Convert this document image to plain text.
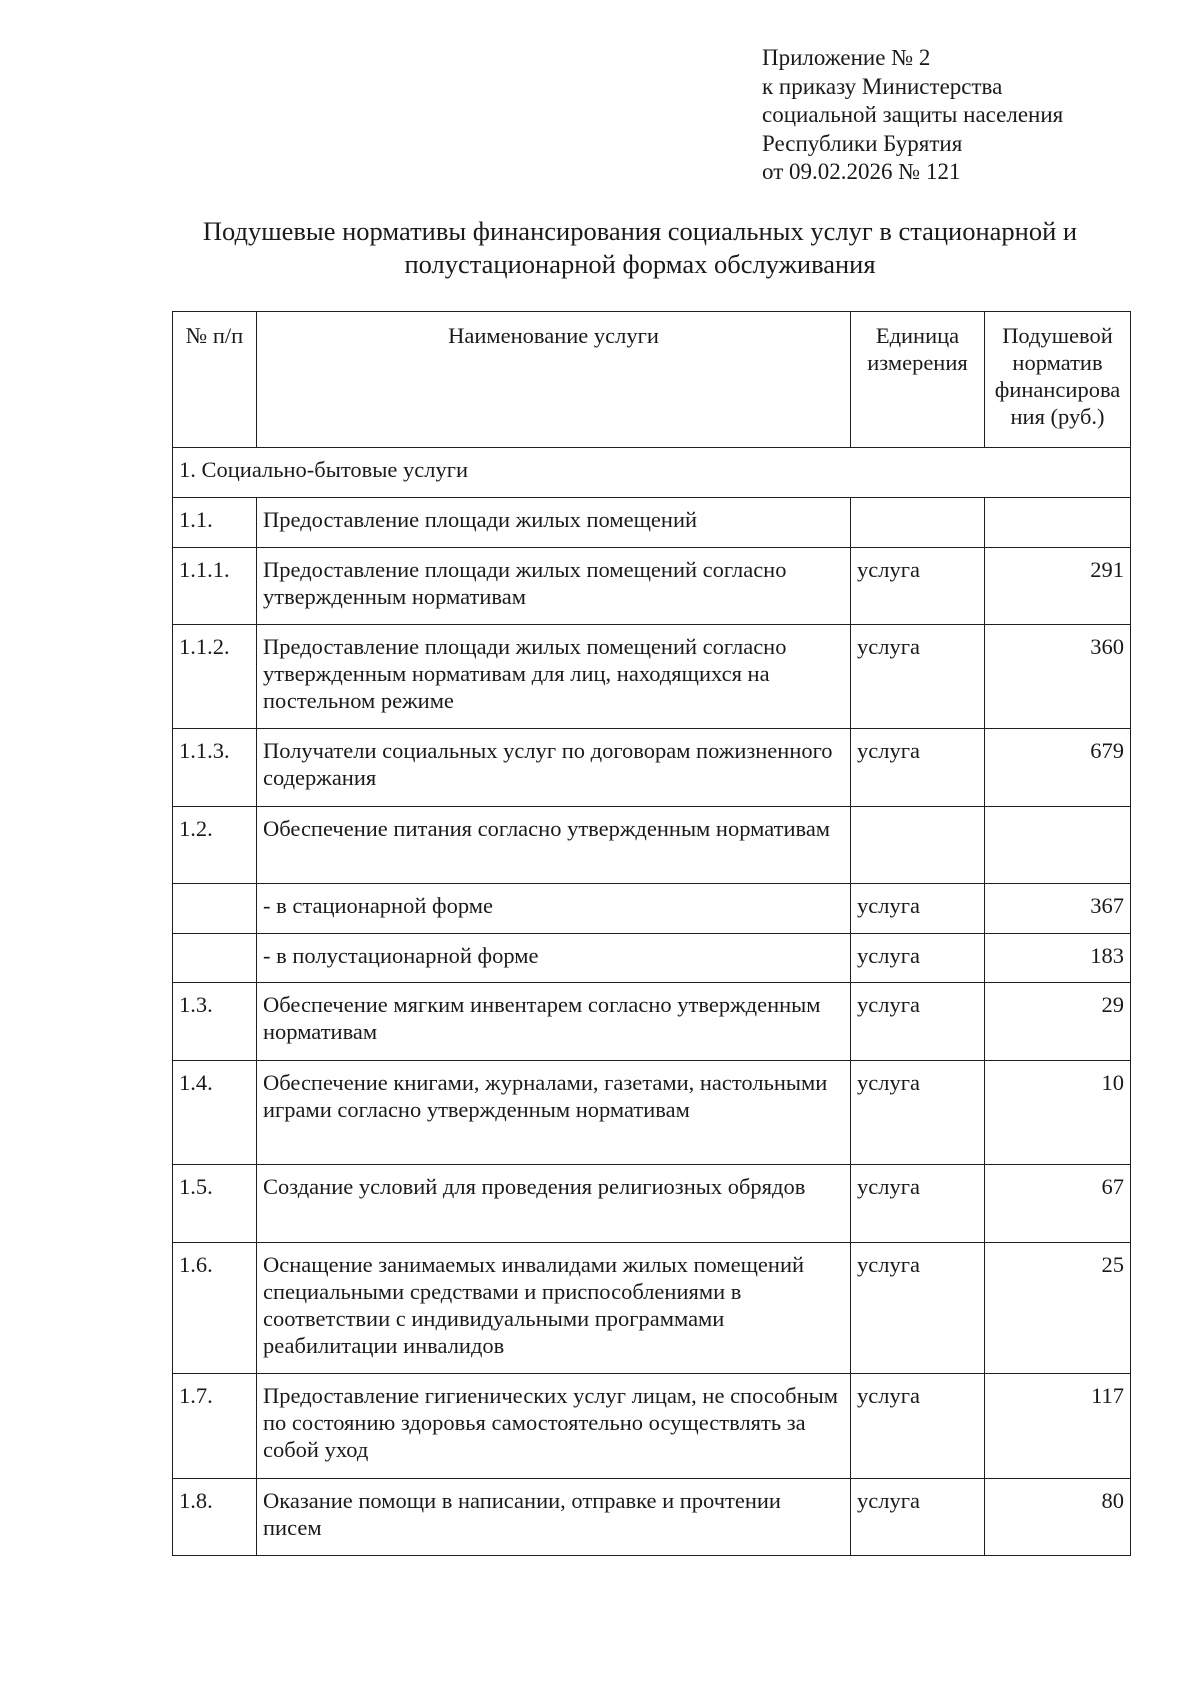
Приложение № 2
к приказу Министерства
социальной защиты населения
Республики Бурятия
от 09.02.2026 № 121
Подушевые нормативы финансирования социальных услуг в стационарной и
полустационарной формах обслуживания
№ п/п	Наименование услуги	Единица измерения	Подушевой норматив финансирова ния (руб.)
1. Социально-бытовые услуги			
1.1.	Предоставление площади жилых помещений		
1.1.1.	Предоставление площади жилых помещений согласно утвержденным нормативам	услуга	291
1.1.2.	Предоставление площади жилых помещений согласно утвержденным нормативам для лиц, находящихся на постельном режиме	услуга	360
1.1.3.	Получатели социальных услуг по договорам пожизненного содержания	услуга	679
1.2.	Обеспечение питания согласно утвержденным нормативам		
	- в стационарной форме	услуга	367
	- в полустационарной форме	услуга	183
1.3.	Обеспечение мягким инвентарем согласно утвержденным нормативам	услуга	29
1.4.	Обеспечение книгами, журналами, газетами, настольными играми согласно утвержденным нормативам	услуга	10
1.5.	Создание условий для проведения религиозных обрядов	услуга	67
1.6.	Оснащение занимаемых инвалидами жилых помещений специальными средствами и приспособлениями в соответствии с индивидуальными программами реабилитации инвалидов	услуга	25
1.7.	Предоставление гигиенических услуг лицам, не способным по состоянию здоровья самостоятельно осуществлять за собой уход	услуга	117
1.8.	Оказание помощи в написании, отправке и прочтении писем	услуга	80
